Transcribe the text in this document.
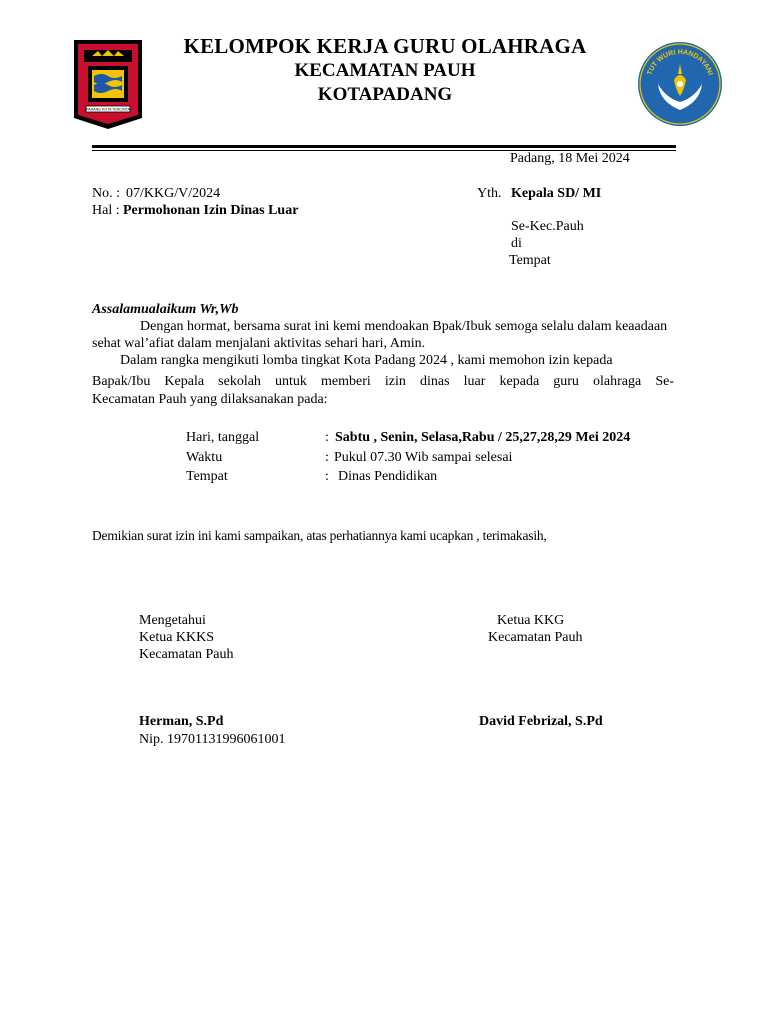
PADANG KOTA TERCINTA
KELOMPOK KERJA GURU OLAHRAGA
KECAMATAN PAUH
KOTAPADANG
TUT WURI HANDAYANI
Padang, 18 Mei 2024
No. : 07/KKG/V/2024
Hal : Permohonan Izin Dinas Luar
Yth. Kepala SD/ MI
Se-Kec.Pauh
di
Tempat
Assalamualaikum Wr,Wb
Dengan hormat, bersama surat ini kemi mendoakan Bpak/Ibuk semoga selalu dalam keaadaan sehat wal’afiat dalam menjalani aktivitas sehari hari, Amin.
Dalam rangka mengikuti lomba tingkat Kota Padang 2024 , kami memohon izin kepada
Bapak/Ibu Kepala sekolah untuk memberi izin dinas luar kepada guru olahraga Se-
Kecamatan Pauh yang dilaksanakan pada:
Hari, tanggal	: Sabtu , Senin, Selasa,Rabu / 25,27,28,29 Mei 2024
Waktu	: Pukul 07.30 Wib sampai selesai
Tempat	: Dinas Pendidikan
Demikian surat izin ini kami sampaikan, atas perhatiannya kami ucapkan , terimakasih,
Mengetahui
Ketua KKKS
Kecamatan Pauh
Herman, S.Pd
Nip. 19701131996061001
Ketua KKG
Kecamatan Pauh
David Febrizal, S.Pd
